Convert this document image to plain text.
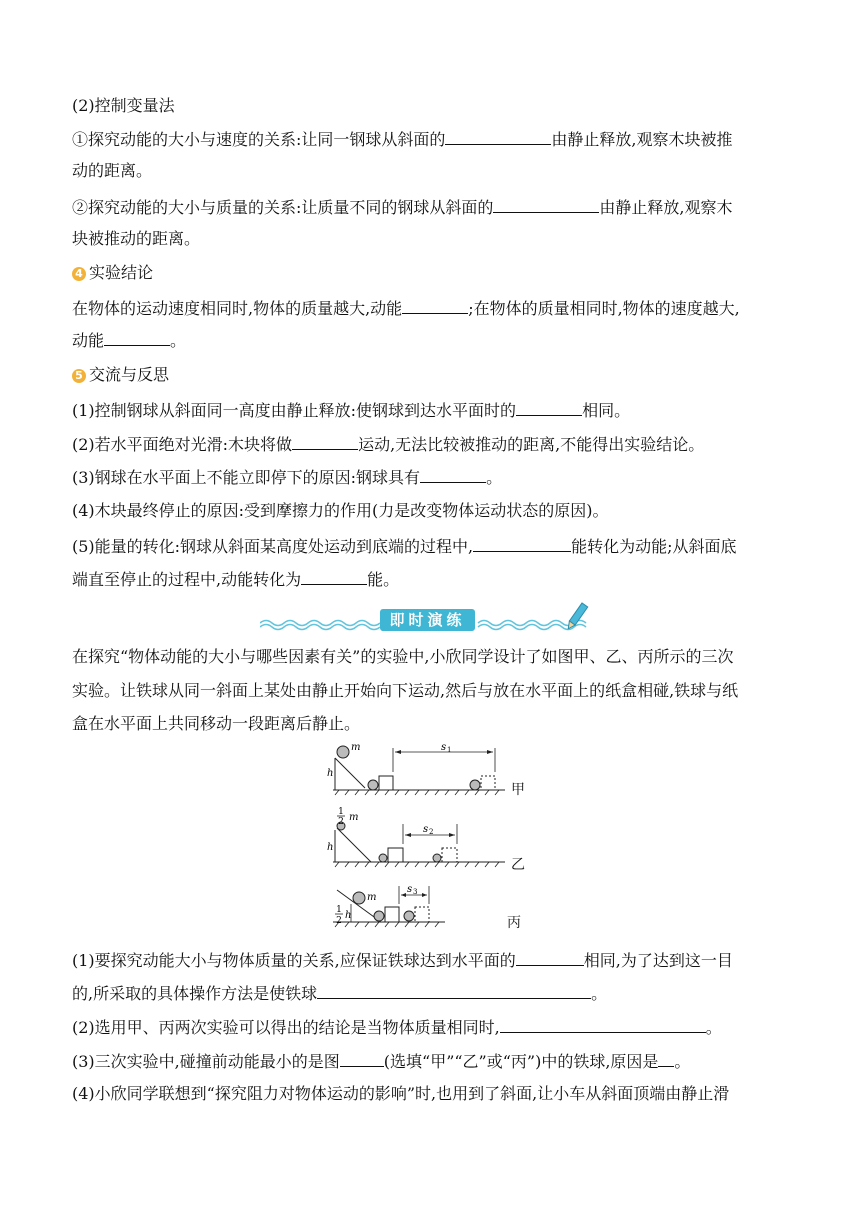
(2)控制变量法
①探究动能的大小与速度的关系:让同一钢球从斜面的	由静止释放,观察木块被推
动的距离。
②探究动能的大小与质量的关系:让质量不同的钢球从斜面的	由静止释放,观察木
块被推动的距离。
4 实验结论
在物体的运动速度相同时,物体的质量越大,动能	;在物体的质量相同时,物体的速度越大,
动能	。
5 交流与反思
(1)控制钢球从斜面同一高度由静止释放:使钢球到达水平面时的	相同。
(2)若水平面绝对光滑:木块将做	运动,无法比较被推动的距离,不能得出实验结论。
(3)钢球在水平面上不能立即停下的原因:钢球具有	。
(4)木块最终停止的原因:受到摩擦力的作用(力是改变物体运动状态的原因)。
(5)能量的转化:钢球从斜面某高度处运动到底端的过程中,	能转化为动能;从斜面底
端直至停止的过程中,动能转化为	能。
即时演练
在探究“物体动能的大小与哪些因素有关”的实验中,小欣同学设计了如图甲、乙、丙所示的三次
实验。让铁球从同一斜面上某处由静止开始向下运动,然后与放在水平面上的纸盒相碰,铁球与纸
盒在水平面上共同移动一段距离后静止。
m
h
s 1
1
2 m
h
s 2
m
1
2 h
s 3
甲
乙
丙
(1)要探究动能大小与物体质量的关系,应保证铁球达到水平面的	相同,为了达到这一目
的,所采取的具体操作方法是使铁球	。
(2)选用甲、丙两次实验可以得出的结论是当物体质量相同时,	。
(3)三次实验中,碰撞前动能最小的是图	(选填“甲”“乙”或“丙”)中的铁球,原因是 。
(4)小欣同学联想到“探究阻力对物体运动的影响”时,也用到了斜面,让小车从斜面顶端由静止滑
